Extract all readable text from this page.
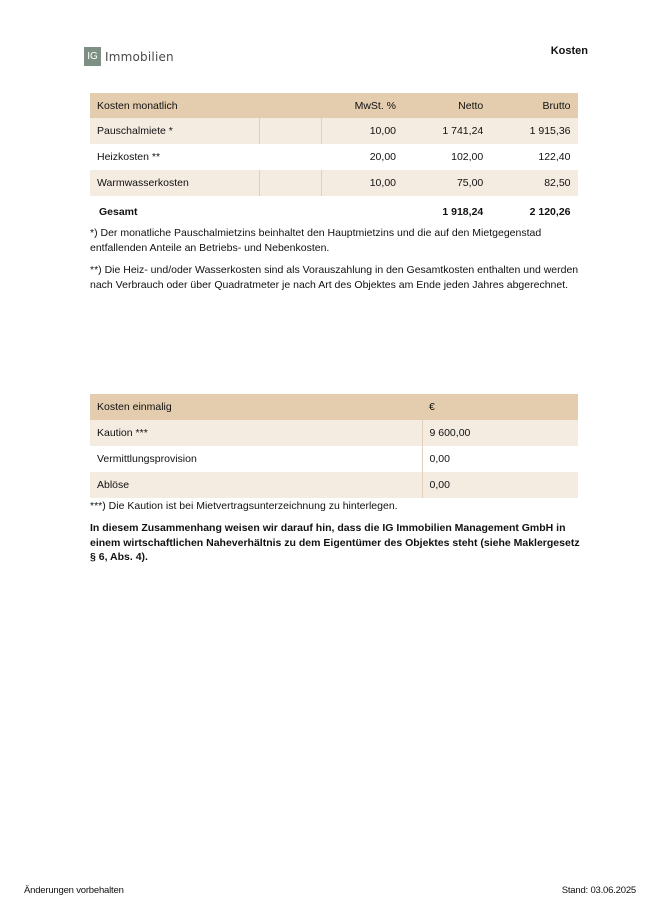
IG Immobilien	Kosten
Kosten monatlich		MwSt. %	Netto	Brutto
Pauschalmiete *		10,00	1 741,24	1 915,36
Heizkosten **		20,00	102,00	122,40
Warmwasserkosten		10,00	75,00	82,50
Gesamt			1 918,24	2 120,26

*) Der monatliche Pauschalmietzins beinhaltet den Hauptmietzins und die auf den Mietgegenstad entfallenden Anteile an Betriebs- und Nebenkosten.

**) Die Heiz- und/oder Wasserkosten sind als Vorauszahlung in den Gesamtkosten enthalten und werden nach Verbrauch oder über Quadratmeter je nach Art des Objektes am Ende jeden Jahres abgerechnet.

Kosten einmalig	€
Kaution ***	9 600,00
Vermittlungsprovision	0,00
Ablöse	0,00

***) Die Kaution ist bei Mietvertragsunterzeichnung zu hinterlegen.

In diesem Zusammenhang weisen wir darauf hin, dass die IG Immobilien Management GmbH in einem wirtschaftlichen Naheverhältnis zu dem Eigentümer des Objektes steht (siehe Maklergesetz § 6, Abs. 4).

Änderungen vorbehalten	Stand: 03.06.2025
